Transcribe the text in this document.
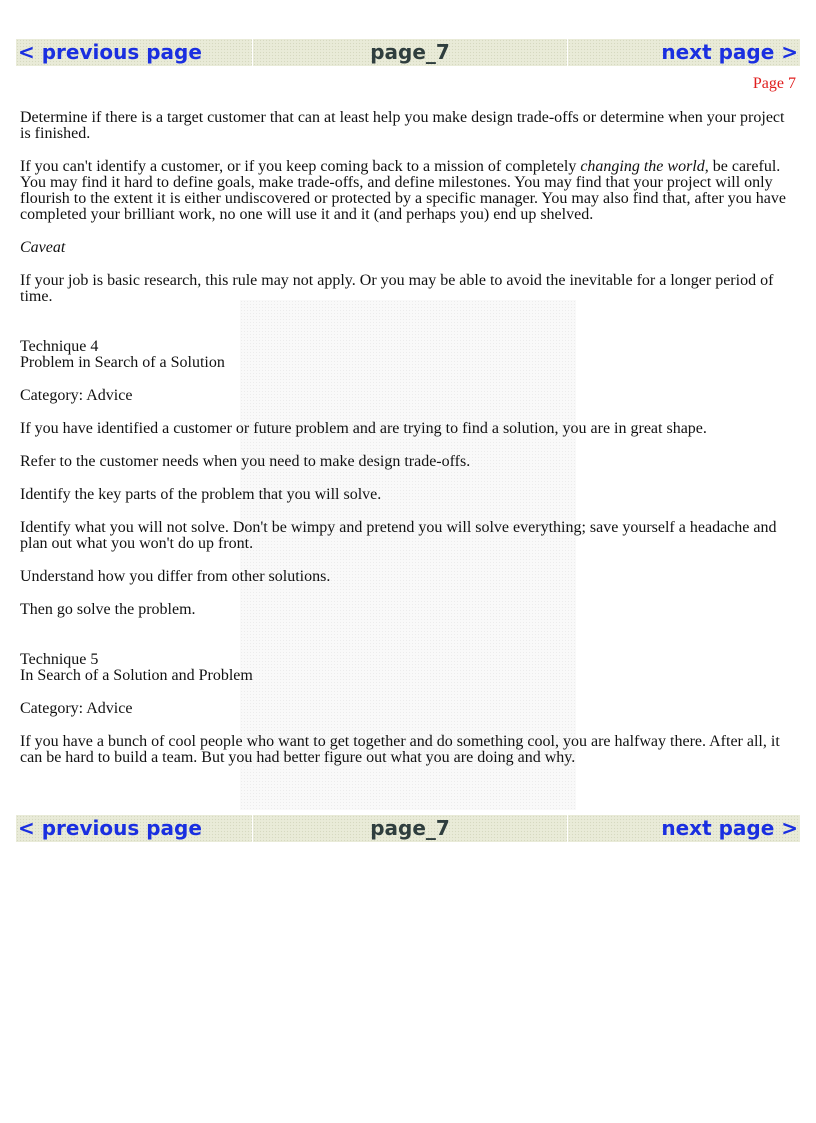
< previous page	page_7	next page >
Page 7

Determine if there is a target customer that can at least help you make design trade-offs or determine when your project is finished.

If you can't identify a customer, or if you keep coming back to a mission of completely changing the world, be careful. You may find it hard to define goals, make trade-offs, and define milestones. You may find that your project will only flourish to the extent it is either undiscovered or protected by a specific manager. You may also find that, after you have completed your brilliant work, no one will use it and it (and perhaps you) end up shelved.

Caveat

If your job is basic research, this rule may not apply. Or you may be able to avoid the inevitable for a longer period of time.

Technique 4
Problem in Search of a Solution

Category: Advice

If you have identified a customer or future problem and are trying to find a solution, you are in great shape.

Refer to the customer needs when you need to make design trade-offs.

Identify the key parts of the problem that you will solve.

Identify what you will not solve. Don't be wimpy and pretend you will solve everything; save yourself a headache and plan out what you won't do up front.

Understand how you differ from other solutions.

Then go solve the problem.

Technique 5
In Search of a Solution and Problem

Category: Advice

If you have a bunch of cool people who want to get together and do something cool, you are halfway there. After all, it can be hard to build a team. But you had better figure out what you are doing and why.

< previous page	page_7	next page >
